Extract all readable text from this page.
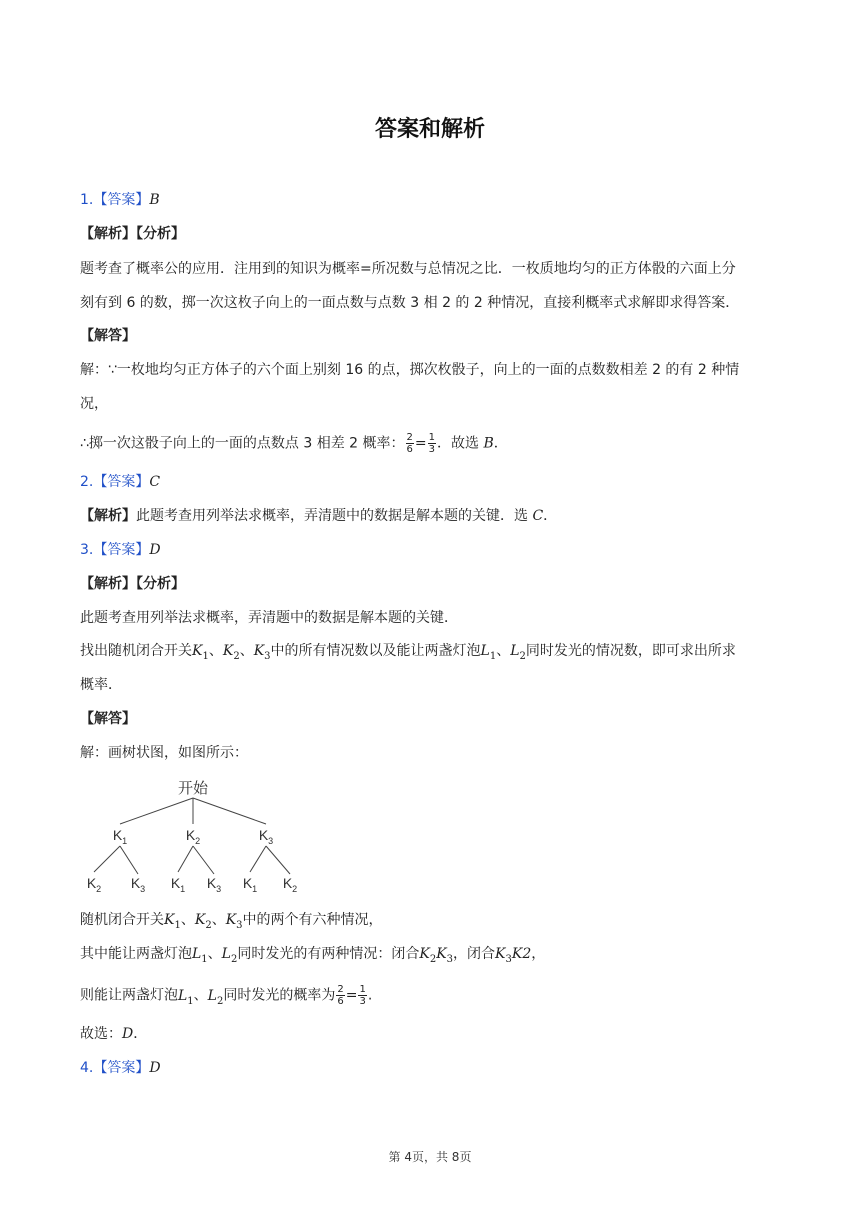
答案和解析
1.【答案】B
【解析】【分析】
题考查了概率公的应用．注用到的知识为概率=所况数与总情况之比．一枚质地均匀的正方体骰的六面上分
刻有到 6 的数，掷一次这枚子向上的一面点数与点数 3 相 2 的 2 种情况，直接利概率式求解即求得答案．
【解答】
解：∵一枚地均匀正方体子的六个面上别刻 16 的点，掷次枚骰子，向上的一面的点数数相差 2 的有 2 种情
况，
∴掷一次这骰子向上的一面的点数点 3 相差 2 概率： $\frac{2}{6} = \frac{1}{3}$ ．故选 B．
2.【答案】C
【解析】此题考查用列举法求概率，弄清题中的数据是解本题的关键．选 C．
3.【答案】D
【解析】【分析】
此题考查用列举法求概率，弄清题中的数据是解本题的关键．
找出随机闭合开关$K_1$、$K_2$、$K_3$中的所有情况数以及能让两盏灯泡$L_1$、$L_2$同时发光的情况数，即可求出所求
概率．
【解答】
解：画树状图，如图所示：
开始
$K_1$	$K_2$	$K_3$
$K_2$ $K_3$ $K_1$ $K_3$ $K_1$ $K_2$
随机闭合开关$K_1$、$K_2$、$K_3$中的两个有六种情况，
其中能让两盏灯泡$L_1$、$L_2$同时发光的有两种情况：闭合$K_2K_3$，闭合$K_3K2$，
则能让两盏灯泡$L_1$、$L_2$同时发光的概率为 $\frac{2}{6} = \frac{1}{3}$ .
故选：D．
4.【答案】D
第 4页，共 8页
